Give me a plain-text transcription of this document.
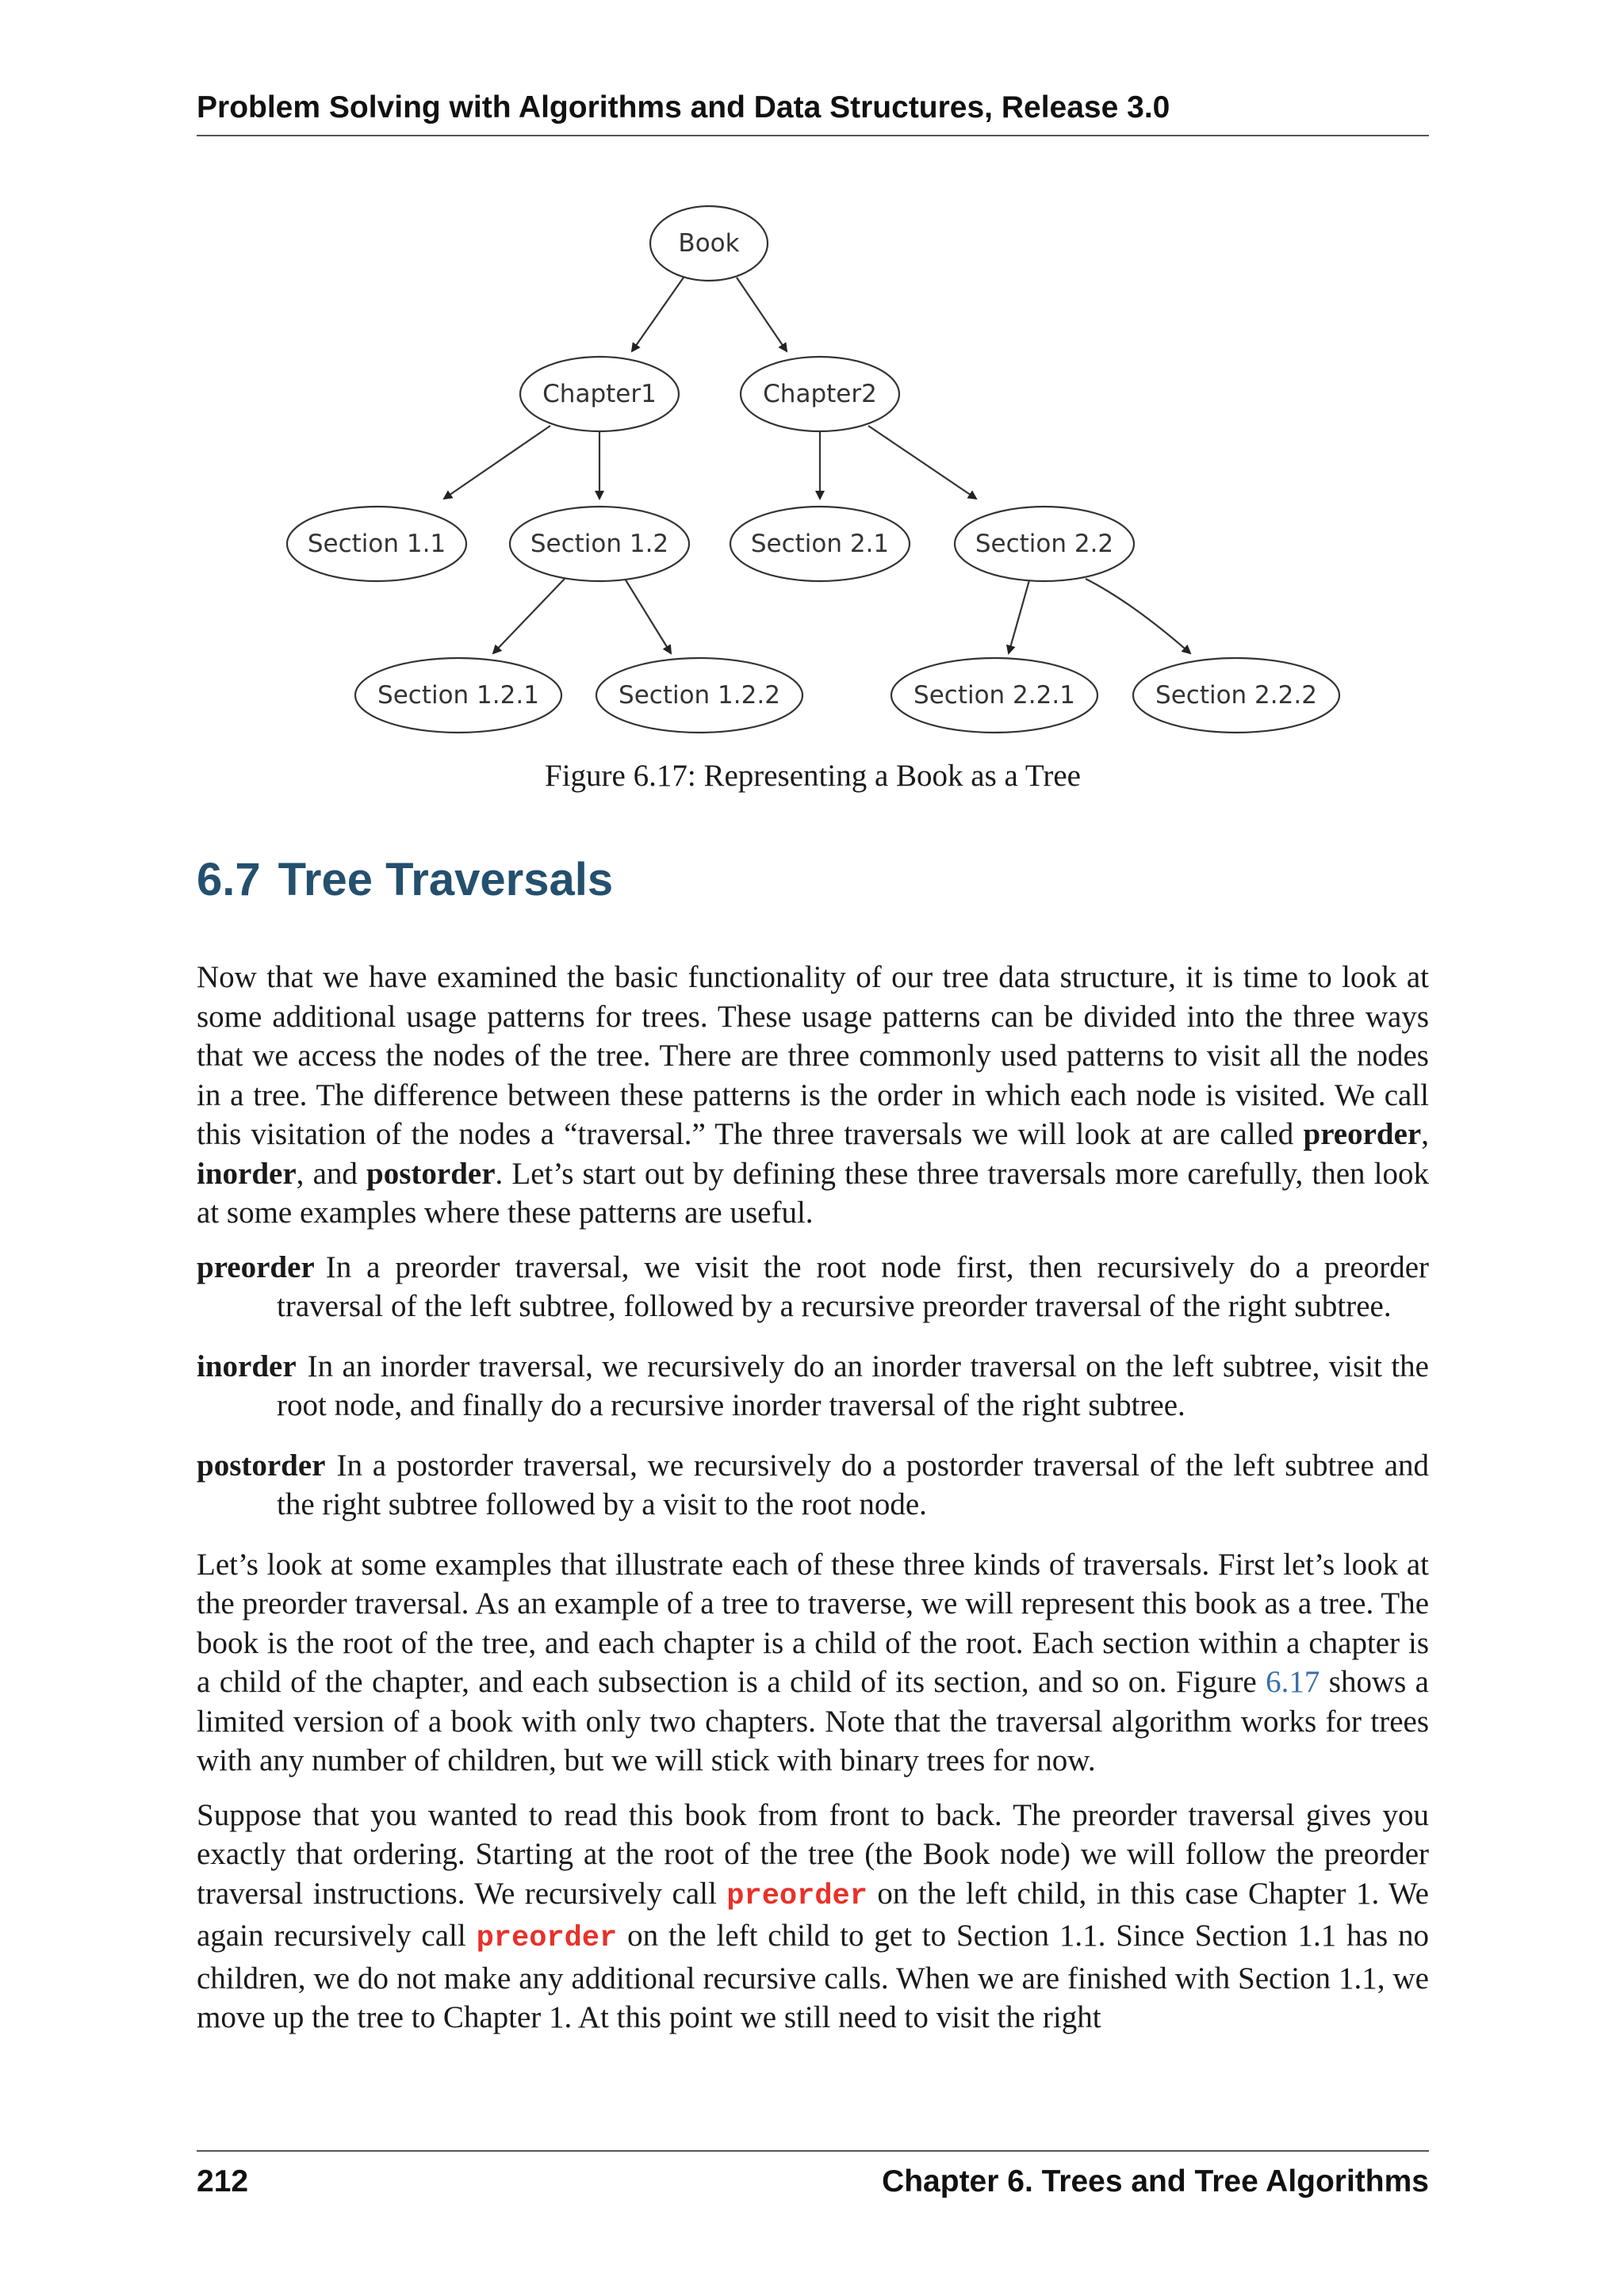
Problem Solving with Algorithms and Data Structures, Release 3.0
Book
Chapter1	Chapter2
Section 1.1	Section 1.2	Section 2.1	Section 2.2
Section 1.2.1	Section 1.2.2	Section 2.2.1	Section 2.2.2
Figure 6.17: Representing a Book as a Tree
6.7 Tree Traversals

Now that we have examined the basic functionality of our tree data structure, it is time to look at some additional usage patterns for trees. These usage patterns can be divided into the three ways that we access the nodes of the tree. There are three commonly used patterns to visit all the nodes in a tree. The difference between these patterns is the order in which each node is visited. We call this visitation of the nodes a “traversal.” The three traversals we will look at are called preorder, inorder, and postorder. Let’s start out by defining these three traversals more carefully, then look at some examples where these patterns are useful.

preorder In a preorder traversal, we visit the root node first, then recursively do a preorder traversal of the left subtree, followed by a recursive preorder traversal of the right subtree.
inorder In an inorder traversal, we recursively do an inorder traversal on the left subtree, visit the root node, and finally do a recursive inorder traversal of the right subtree.
postorder In a postorder traversal, we recursively do a postorder traversal of the left subtree and the right subtree followed by a visit to the root node.

Let’s look at some examples that illustrate each of these three kinds of traversals. First let’s look at the preorder traversal. As an example of a tree to traverse, we will represent this book as a tree. The book is the root of the tree, and each chapter is a child of the root. Each section within a chapter is a child of the chapter, and each subsection is a child of its section, and so on. Figure 6.17 shows a limited version of a book with only two chapters. Note that the traversal algorithm works for trees with any number of children, but we will stick with binary trees for now.

Suppose that you wanted to read this book from front to back. The preorder traversal gives you exactly that ordering. Starting at the root of the tree (the Book node) we will follow the preorder traversal instructions. We recursively call preorder on the left child, in this case Chapter 1. We again recursively call preorder on the left child to get to Section 1.1. Since Section 1.1 has no children, we do not make any additional recursive calls. When we are finished with Section 1.1, we move up the tree to Chapter 1. At this point we still need to visit the right

212	Chapter 6. Trees and Tree Algorithms
